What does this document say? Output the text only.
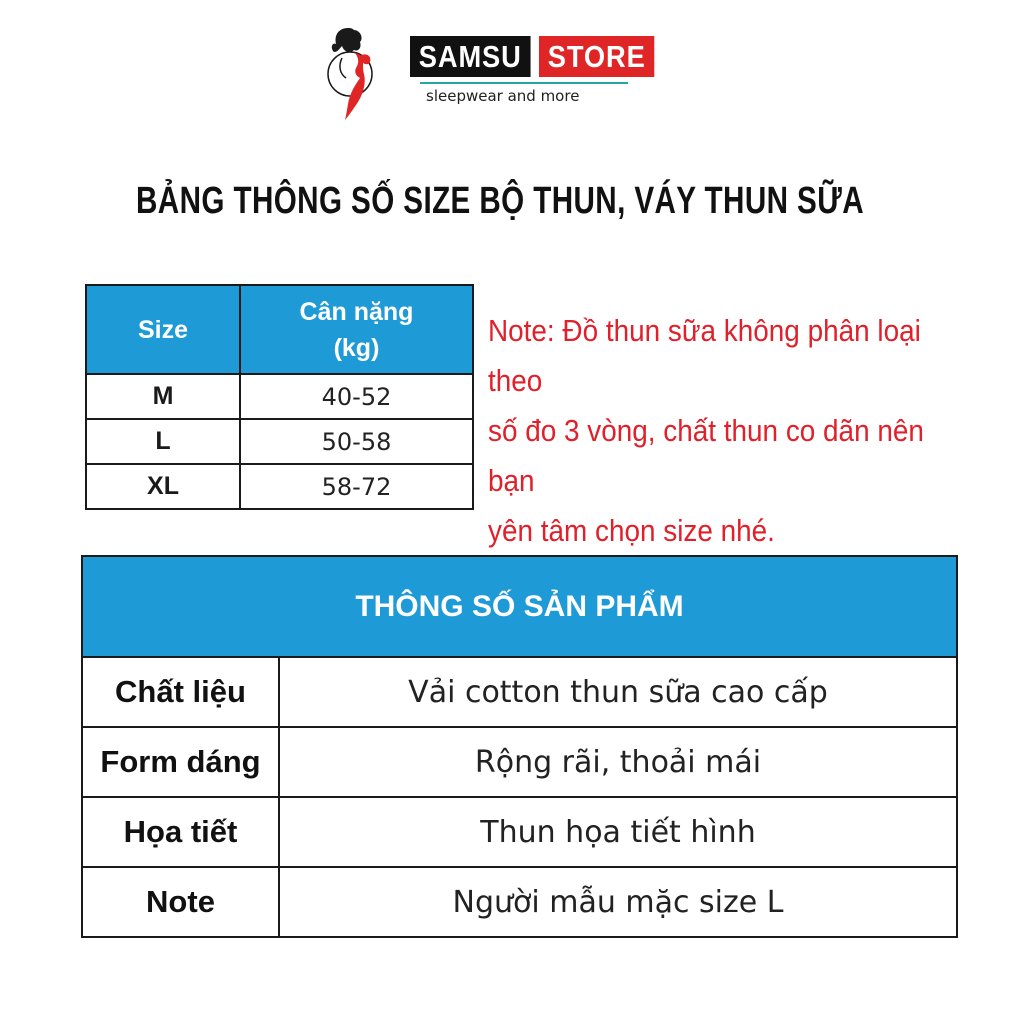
SAMSU STORE
sleepwear and more
BẢNG THÔNG SỐ SIZE BỘ THUN, VÁY THUN SỮA
Size	Cân nặng
(kg)
M	40-52
L	50-58
XL	58-72
Note: Đồ thun sữa không phân loại theo
số đo 3 vòng, chất thun co dãn nên bạn
yên tâm chọn size nhé.
THÔNG SỐ SẢN PHẨM	
Chất liệu	Vải cotton thun sữa cao cấp
Form dáng	Rộng rãi, thoải mái
Họa tiết	Thun họa tiết hình
Note	Người mẫu mặc size L
